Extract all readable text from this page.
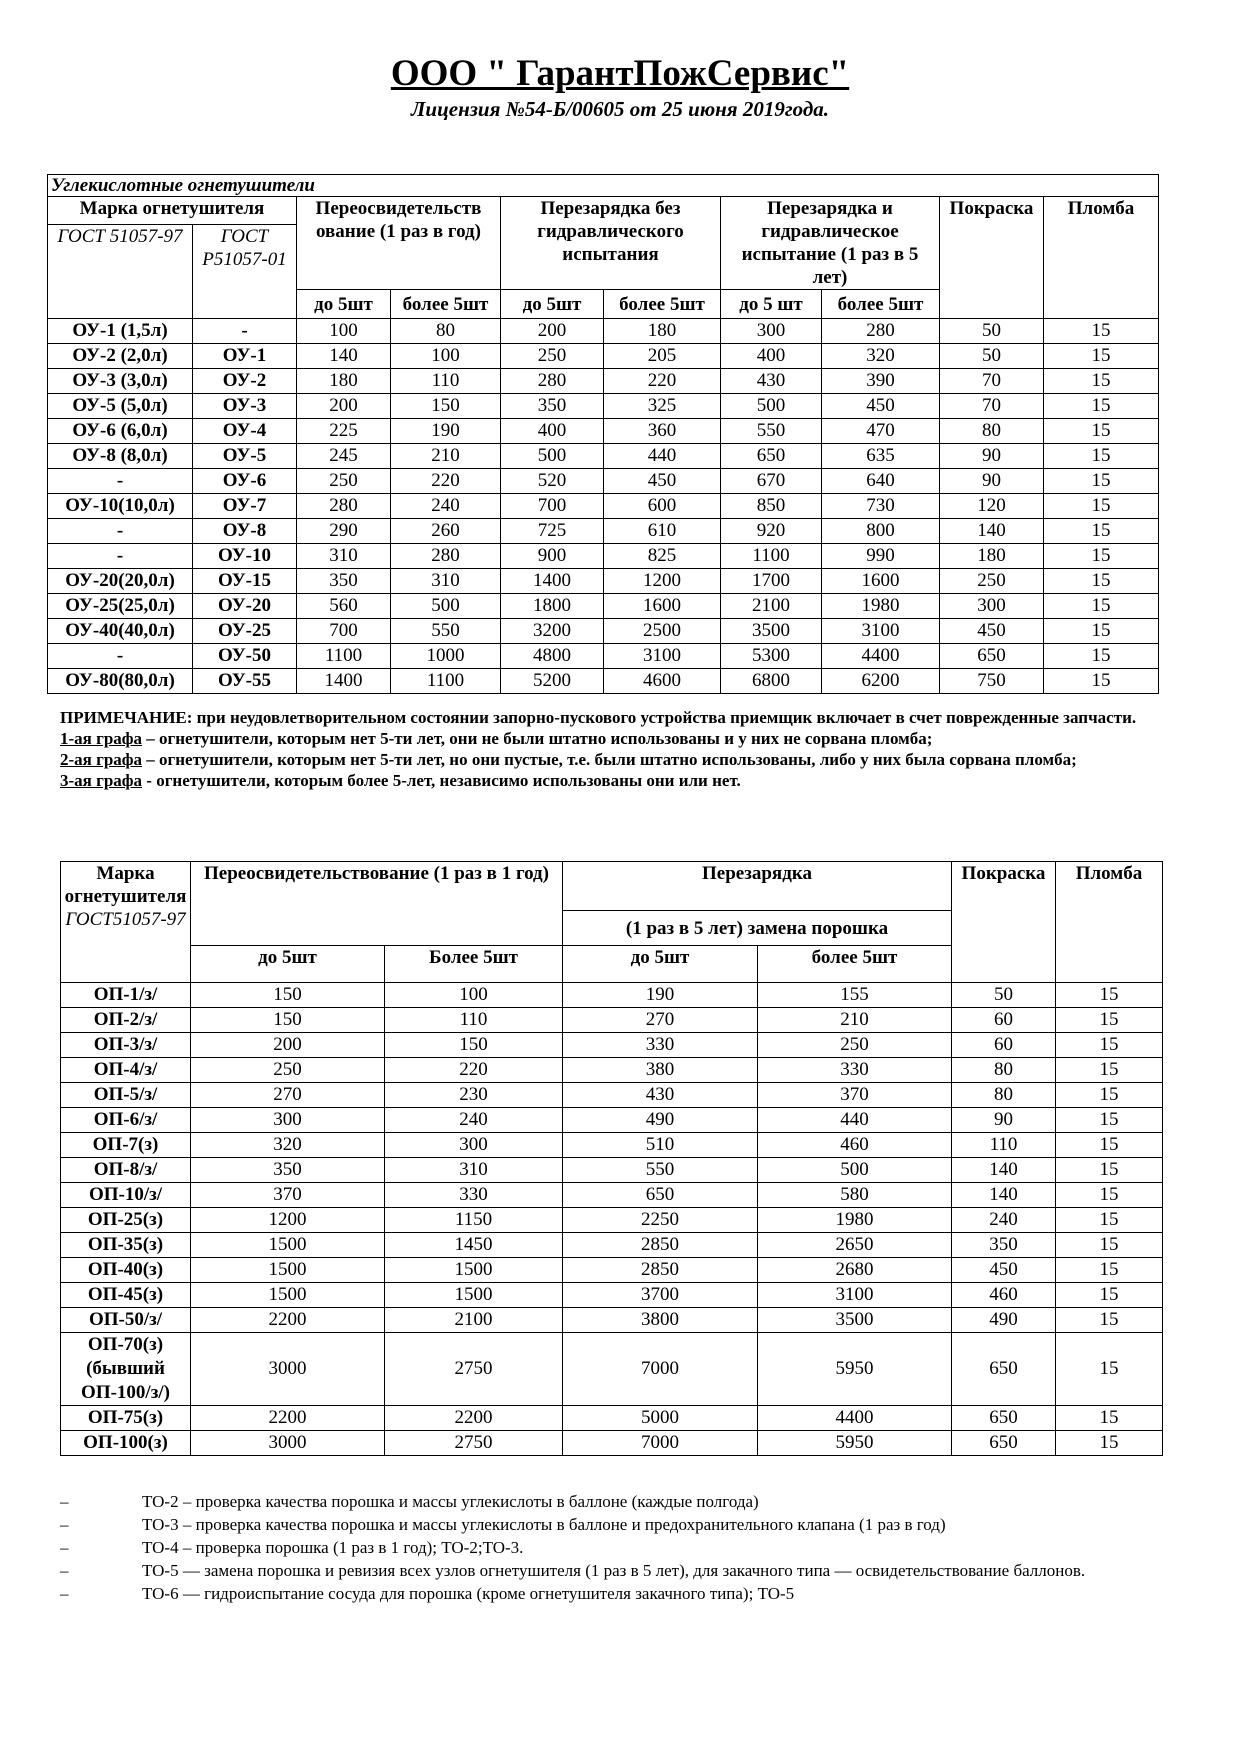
ООО " ГарантПожСервис"
Лицензия №54-Б/00605 от 25 июня 2019года.
Углекислотные огнетушители									
Марка огнетушителя		Переосвидетельств ование (1 раз в год)		Перезарядка без гидравлического испытания		Перезарядка и гидравлическое испытание (1 раз в 5 лет)		Покраска	Пломба
ГОСТ 51057-97	ГОСТ Р51057-01								
		до 5шт	более 5шт	до 5шт	более 5шт	до 5 шт	более 5шт		
ОУ-1 (1,5л)	-	100	80	200	180	300	280	50	15
ОУ-2 (2,0л)	ОУ-1	140	100	250	205	400	320	50	15
ОУ-3 (3,0л)	ОУ-2	180	110	280	220	430	390	70	15
ОУ-5 (5,0л)	ОУ-3	200	150	350	325	500	450	70	15
ОУ-6 (6,0л)	ОУ-4	225	190	400	360	550	470	80	15
ОУ-8 (8,0л)	ОУ-5	245	210	500	440	650	635	90	15
-	ОУ-6	250	220	520	450	670	640	90	15
ОУ-10(10,0л)	ОУ-7	280	240	700	600	850	730	120	15
-	ОУ-8	290	260	725	610	920	800	140	15
-	ОУ-10	310	280	900	825	1100	990	180	15
ОУ-20(20,0л)	ОУ-15	350	310	1400	1200	1700	1600	250	15
ОУ-25(25,0л)	ОУ-20	560	500	1800	1600	2100	1980	300	15
ОУ-40(40,0л)	ОУ-25	700	550	3200	2500	3500	3100	450	15
-	ОУ-50	1100	1000	4800	3100	5300	4400	650	15
ОУ-80(80,0л)	ОУ-55	1400	1100	5200	4600	6800	6200	750	15

ПРИМЕЧАНИЕ: при неудовлетворительном состоянии запорно-пускового устройства приемщик включает в счет поврежденные запчасти.

1-ая графа – огнетушители, которым нет 5-ти лет, они не были штатно использованы и у них не сорвана пломба;

2-ая графа – огнетушители, которым нет 5-ти лет, но они пустые, т.е. были штатно использованы, либо у них была сорвана пломба;

3-ая графа - огнетушители, которым более 5-лет, независимо использованы они или нет.

Марка огнетушителя
ГОСТ51057-97	Переосвидетельствование (1 раз в 1 год)		Перезарядка		Покраска	Пломба
			(1 раз в 5 лет) замена порошка			
	до 5шт	Более 5шт	до 5шт	более 5шт		
ОП-1/з/	150	100	190	155	50	15
ОП-2/з/	150	110	270	210	60	15
ОП-3/з/	200	150	330	250	60	15
ОП-4/з/	250	220	380	330	80	15
ОП-5/з/	270	230	430	370	80	15
ОП-6/з/	300	240	490	440	90	15
ОП-7(з)	320	300	510	460	110	15
ОП-8/з/	350	310	550	500	140	15
ОП-10/з/	370	330	650	580	140	15
ОП-25(з)	1200	1150	2250	1980	240	15
ОП-35(з)	1500	1450	2850	2650	350	15
ОП-40(з)	1500	1500	2850	2680	450	15
ОП-45(з)	1500	1500	3700	3100	460	15
ОП-50/з/	2200	2100	3800	3500	490	15
ОП-70(з) (бывший ОП-100/з/)	3000	2750	7000	5950	650	15
ОП-75(з)	2200	2200	5000	4400	650	15
ОП-100(з)	3000	2750	7000	5950	650	15

–	ТО-2 – проверка качества порошка и массы углекислоты в баллоне (каждые полгода)

–	ТО-3 – проверка качества порошка и массы углекислоты в баллоне и предохранительного клапана (1 раз в год)

–	ТО-4 – проверка порошка (1 раз в 1 год); ТО-2;ТО-3.

–	ТО-5 — замена порошка и ревизия всех узлов огнетушителя (1 раз в 5 лет), для закачного типа — освидетельствование баллонов.

–	ТО-6 — гидроиспытание сосуда для порошка (кроме огнетушителя закачного типа); ТО-5
